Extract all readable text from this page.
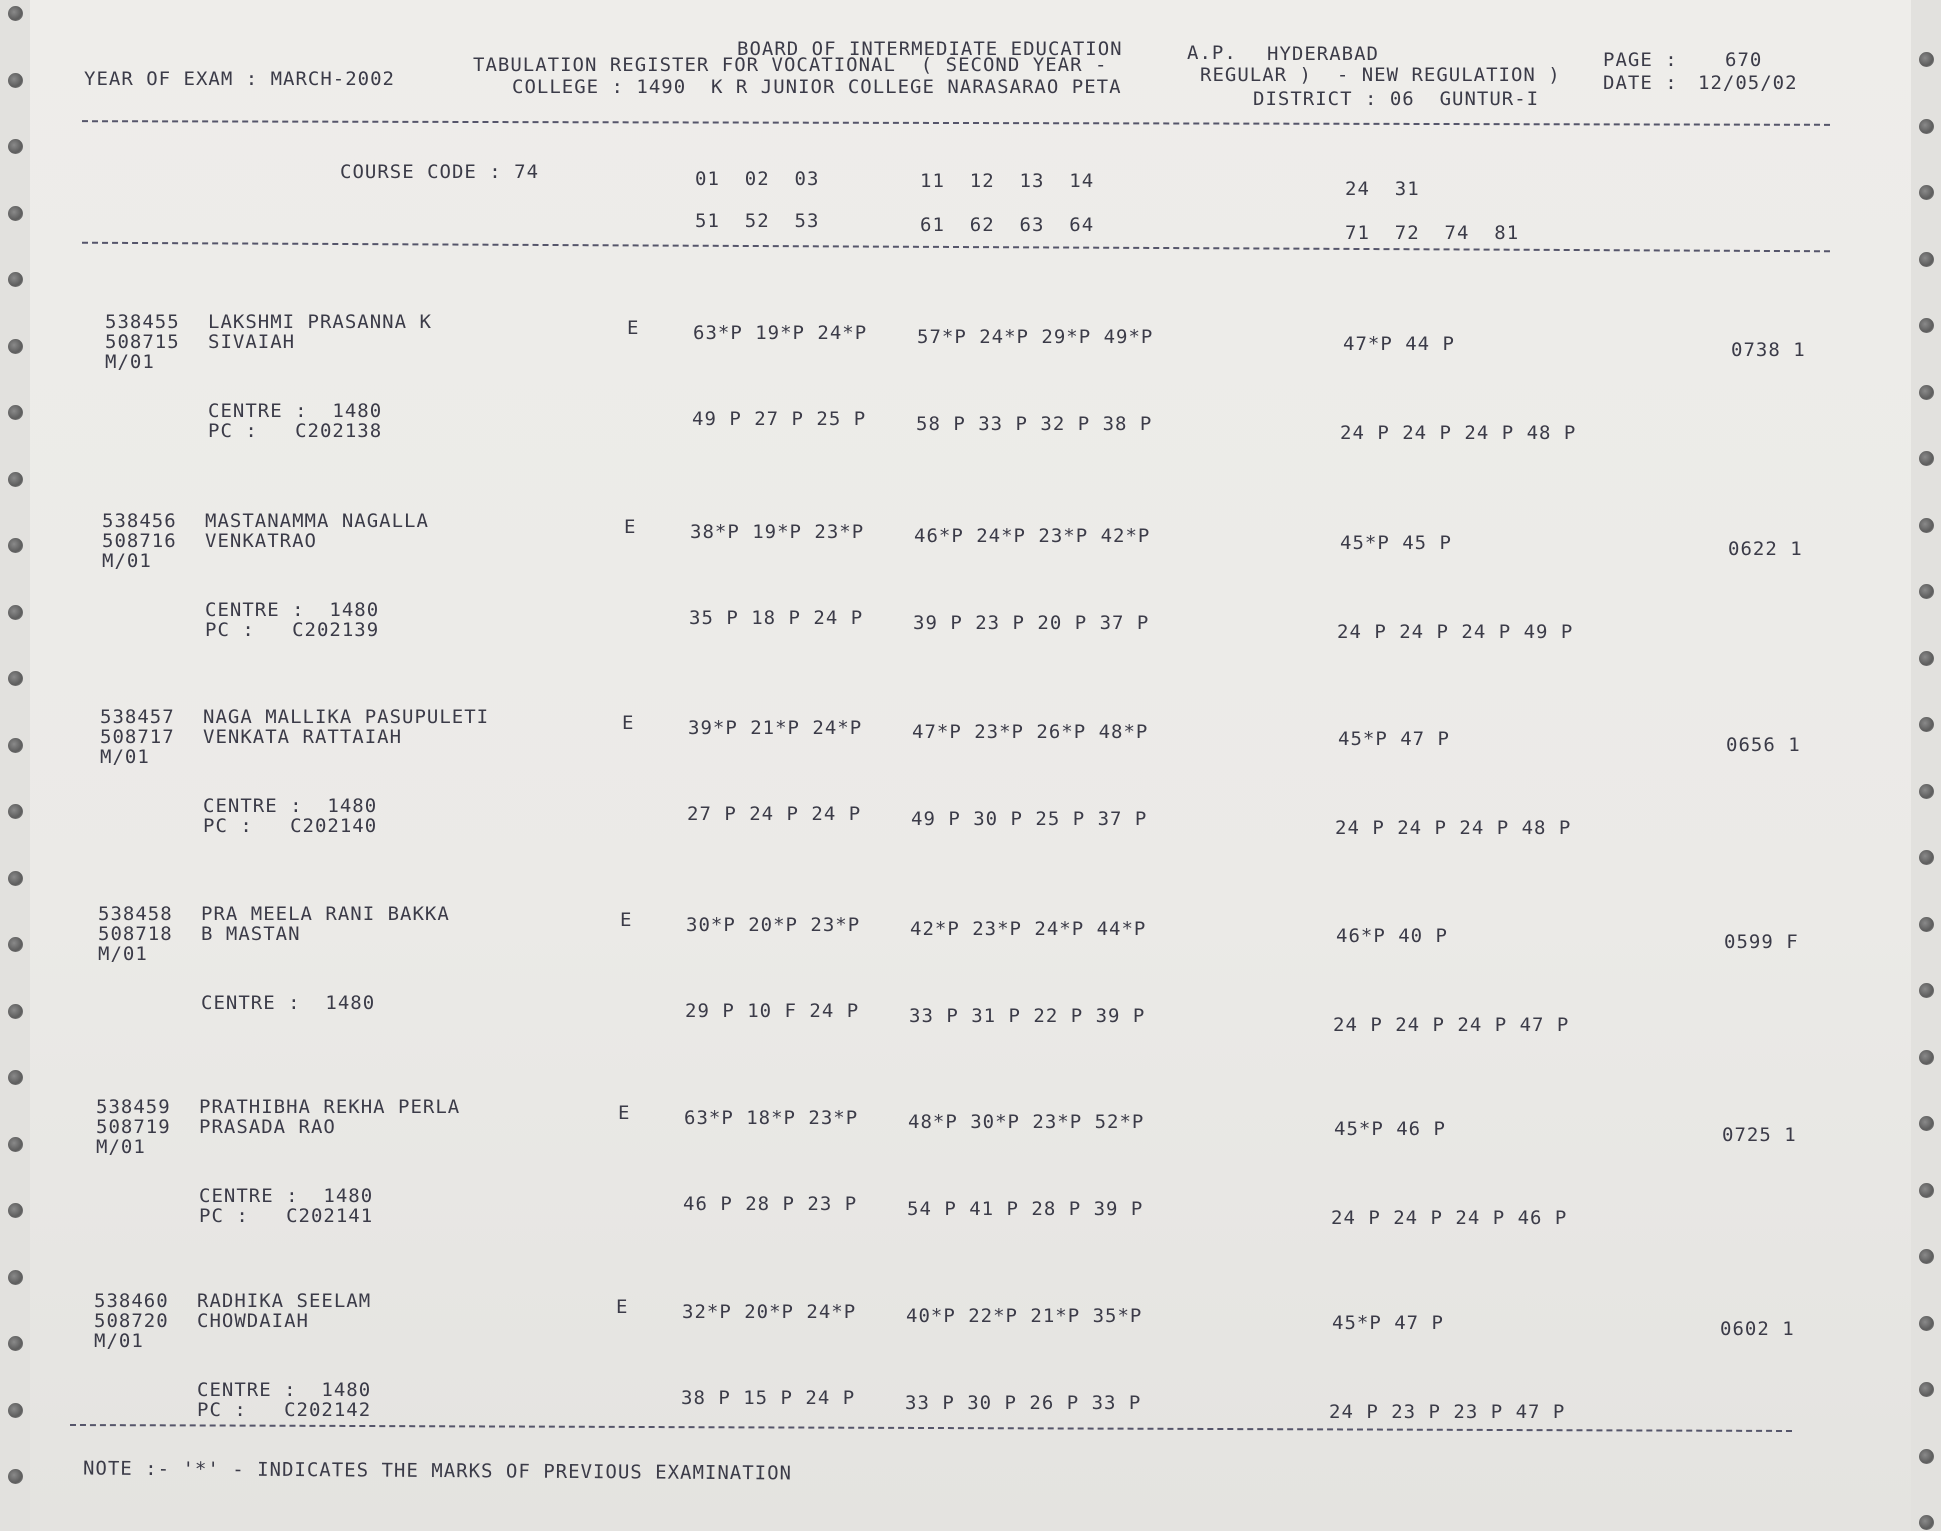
BOARD OF INTERMEDIATE EDUCATION	A.P. HYDERABAD
TABULATION REGISTER FOR VOCATIONAL  ( SECOND YEAR -	REGULAR )  - NEW REGULATION )
COLLEGE : 1490  K R JUNIOR COLLEGE NARASARAO PETA
DISTRICT : 06  GUNTUR-I
YEAR OF EXAM : MARCH-2002
PAGE : 670
DATE : 12/05/02
COURSE CODE : 74	01  02  03	11  12  13  14	24  31
51  52  53	61  62  63  64	71  72  74  81
538455
508715
M/01
LAKSHMI PRASANNA K
SIVAIAH
E	63*P 19*P 24*P	57*P 24*P 29*P 49*P	47*P 44 P	0738 1
CENTRE :  1480
PC :   C202138
49 P 27 P 25 P	58 P 33 P 32 P 38 P	24 P 24 P 24 P 48 P
538456
508716
M/01
MASTANAMMA NAGALLA
VENKATRAO
E	38*P 19*P 23*P	46*P 24*P 23*P 42*P	45*P 45 P	0622 1
CENTRE :  1480
PC :   C202139
35 P 18 P 24 P	39 P 23 P 20 P 37 P	24 P 24 P 24 P 49 P
538457
508717
M/01
NAGA MALLIKA PASUPULETI
VENKATA RATTAIAH
E	39*P 21*P 24*P	47*P 23*P 26*P 48*P	45*P 47 P	0656 1
CENTRE :  1480
PC :   C202140
27 P 24 P 24 P	49 P 30 P 25 P 37 P	24 P 24 P 24 P 48 P
538458
508718
M/01
PRA MEELA RANI BAKKA
B MASTAN
E	30*P 20*P 23*P	42*P 23*P 24*P 44*P	46*P 40 P	0599 F
CENTRE :  1480	29 P 10 F 24 P	33 P 31 P 22 P 39 P	24 P 24 P 24 P 47 P
538459
508719
M/01
PRATHIBHA REKHA PERLA
PRASADA RAO
E	63*P 18*P 23*P	48*P 30*P 23*P 52*P	45*P 46 P	0725 1
CENTRE :  1480
PC :   C202141
46 P 28 P 23 P	54 P 41 P 28 P 39 P	24 P 24 P 24 P 46 P
538460
508720
M/01
RADHIKA SEELAM
CHOWDAIAH
E	32*P 20*P 24*P	40*P 22*P 21*P 35*P	45*P 47 P	0602 1
CENTRE :  1480
PC :   C202142
38 P 15 P 24 P	33 P 30 P 26 P 33 P	24 P 23 P 23 P 47 P
NOTE :- '*' - INDICATES THE MARKS OF PREVIOUS EXAMINATION
